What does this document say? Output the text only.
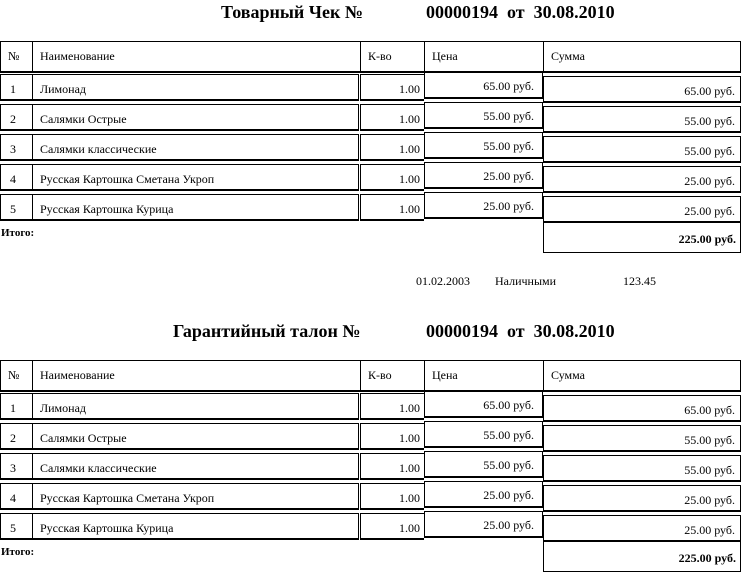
Товарный Чек №	00000194 от 30.08.2010
№	Наименование	К-во	Цена	Сумма
1	Лимонад	1.00	65.00 руб.	65.00 руб.
2	Салямки Острые	1.00	55.00 руб.	55.00 руб.
3	Салямки классические	1.00	55.00 руб.	55.00 руб.
4	Русская Картошка Сметана Укроп	1.00	25.00 руб.	25.00 руб.
5	Русская Картошка Курица	1.00	25.00 руб.	25.00 руб.
Итого:	225.00 руб.
01.02.2003 Наличными	123.45
Гарантийный талон №	00000194 от 30.08.2010
№	Наименование	К-во	Цена	Сумма
1	Лимонад	1.00	65.00 руб.	65.00 руб.
2	Салямки Острые	1.00	55.00 руб.	55.00 руб.
3	Салямки классические	1.00	55.00 руб.	55.00 руб.
4	Русская Картошка Сметана Укроп	1.00	25.00 руб.	25.00 руб.
5	Русская Картошка Курица	1.00	25.00 руб.	25.00 руб.
Итого:	225.00 руб.
